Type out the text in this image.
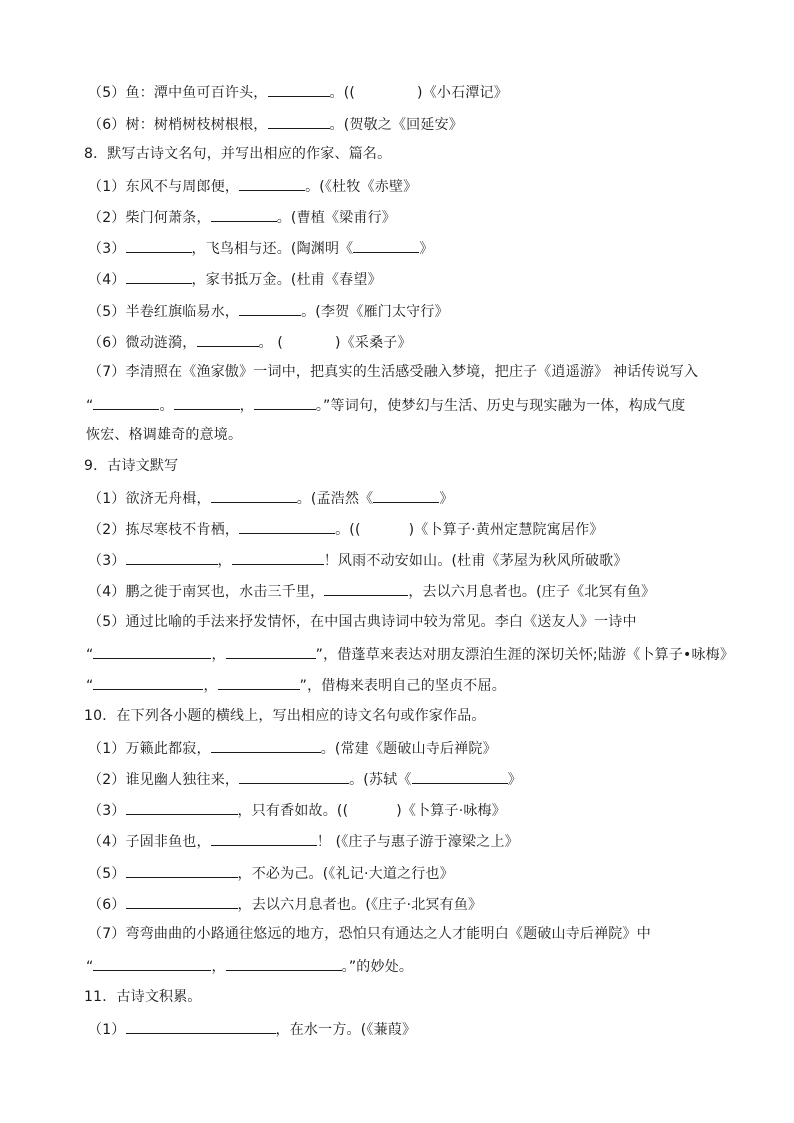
（5）鱼：潭中鱼可百许头，	。((	)《小石潭记》
（6）树：树梢树枝树根根，	。(贺敬之《回延安》
8．默写古诗文名句，并写出相应的作家、篇名。
（1）东风不与周郎便，	。(《杜牧《赤壁》
（2）柴门何萧条，	。(曹植《梁甫行》
（3）	，飞鸟相与还。(陶渊明《	》
（4）	，家书抵万金。(杜甫《春望》
（5）半卷红旗临易水，	。(李贺《雁门太守行》
（6）微动涟漪，	。 (	)《采桑子》
（7）李清照在《渔家傲》一词中，把真实的生活感受融入梦境，把庄子《逍遥游》 神话传说写入
“	。	，	。”等词句，使梦幻与生活、历史与现实融为一体，构成气度
恢宏、格调雄奇的意境。
9．古诗文默写
（1）欲济无舟楫，	。(孟浩然《	》
（2）拣尽寒枝不肯栖，	。((	)《卜算子·黄州定慧院寓居作》
（3）	，	！风雨不动安如山。(杜甫《茅屋为秋风所破歌》
（4）鹏之徙于南冥也，水击三千里，	，去以六月息者也。(庄子《北冥有鱼》
（5）通过比喻的手法来抒发情怀，在中国古典诗词中较为常见。李白《送友人》一诗中
“	，	”，借蓬草来表达对朋友漂泊生涯的深切关怀;陆游《卜算子•咏梅》
“	，	”，借梅来表明自己的坚贞不屈。
10．在下列各小题的横线上，写出相应的诗文名句或作家作品。
（1）万籁此都寂，	。(常建《题破山寺后禅院》
（2）谁见幽人独往来，	。(苏轼《	》
（3）	，只有香如故。((	)《卜算子·咏梅》
（4）子固非鱼也，	！ (《庄子与惠子游于濠梁之上》
（5）	，不必为己。(《礼记·大道之行也》
（6）	，去以六月息者也。(《庄子·北冥有鱼》
（7）弯弯曲曲的小路通往悠远的地方，恐怕只有通达之人才能明白《题破山寺后禅院》中
“	，	。”的妙处。
11．古诗文积累。
（1）	，在水一方。(《蒹葭》
